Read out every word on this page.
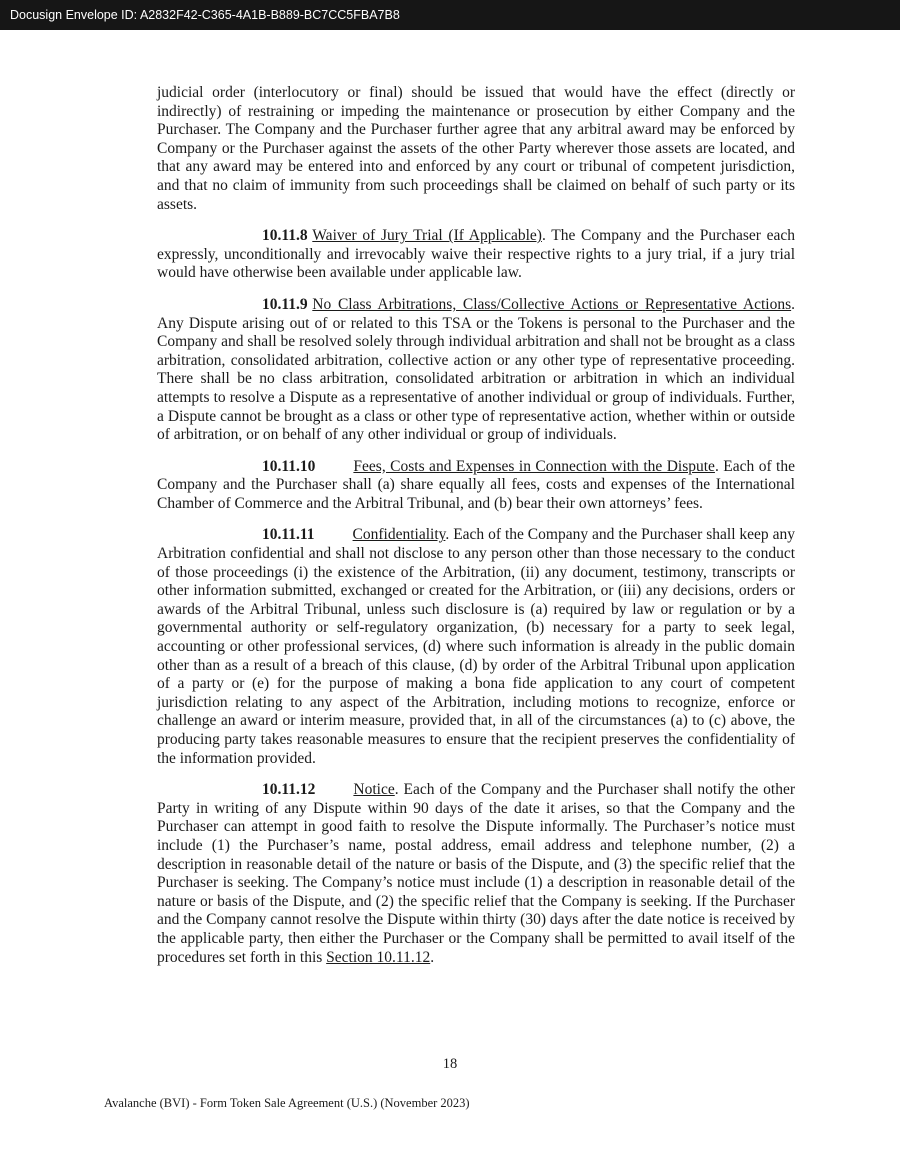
Docusign Envelope ID: A2832F42-C365-4A1B-B889-BC7CC5FBA7B8

judicial order (interlocutory or final) should be issued that would have the effect (directly or indirectly) of restraining or impeding the maintenance or prosecution by either Company and the Purchaser. The Company and the Purchaser further agree that any arbitral award may be enforced by Company or the Purchaser against the assets of the other Party wherever those assets are located, and that any award may be entered into and enforced by any court or tribunal of competent jurisdiction, and that no claim of immunity from such proceedings shall be claimed on behalf of such party or its assets.

10.11.8 Waiver of Jury Trial (If Applicable). The Company and the Purchaser each expressly, unconditionally and irrevocably waive their respective rights to a jury trial, if a jury trial would have otherwise been available under applicable law.

10.11.9 No Class Arbitrations, Class/Collective Actions or Representative Actions. Any Dispute arising out of or related to this TSA or the Tokens is personal to the Purchaser and the Company and shall be resolved solely through individual arbitration and shall not be brought as a class arbitration, consolidated arbitration, collective action or any other type of representative proceeding. There shall be no class arbitration, consolidated arbitration or arbitration in which an individual attempts to resolve a Dispute as a representative of another individual or group of individuals. Further, a Dispute cannot be brought as a class or other type of representative action, whether within or outside of arbitration, or on behalf of any other individual or group of individuals.

10.11.10 Fees, Costs and Expenses in Connection with the Dispute. Each of the Company and the Purchaser shall (a) share equally all fees, costs and expenses of the International Chamber of Commerce and the Arbitral Tribunal, and (b) bear their own attorneys’ fees.

10.11.11 Confidentiality. Each of the Company and the Purchaser shall keep any Arbitration confidential and shall not disclose to any person other than those necessary to the conduct of those proceedings (i) the existence of the Arbitration, (ii) any document, testimony, transcripts or other information submitted, exchanged or created for the Arbitration, or (iii) any decisions, orders or awards of the Arbitral Tribunal, unless such disclosure is (a) required by law or regulation or by a governmental authority or self-regulatory organization, (b) necessary for a party to seek legal, accounting or other professional services, (d) where such information is already in the public domain other than as a result of a breach of this clause, (d) by order of the Arbitral Tribunal upon application of a party or (e) for the purpose of making a bona fide application to any court of competent jurisdiction relating to any aspect of the Arbitration, including motions to recognize, enforce or challenge an award or interim measure, provided that, in all of the circumstances (a) to (c) above, the producing party takes reasonable measures to ensure that the recipient preserves the confidentiality of the information provided.

10.11.12 Notice. Each of the Company and the Purchaser shall notify the other Party in writing of any Dispute within 90 days of the date it arises, so that the Company and the Purchaser can attempt in good faith to resolve the Dispute informally. The Purchaser’s notice must include (1) the Purchaser’s name, postal address, email address and telephone number, (2) a description in reasonable detail of the nature or basis of the Dispute, and (3) the specific relief that the Purchaser is seeking. The Company’s notice must include (1) a description in reasonable detail of the nature or basis of the Dispute, and (2) the specific relief that the Company is seeking. If the Purchaser and the Company cannot resolve the Dispute within thirty (30) days after the date notice is received by the applicable party, then either the Purchaser or the Company shall be permitted to avail itself of the procedures set forth in this Section 10.11.12.

18
Avalanche (BVI) - Form Token Sale Agreement (U.S.) (November 2023)
